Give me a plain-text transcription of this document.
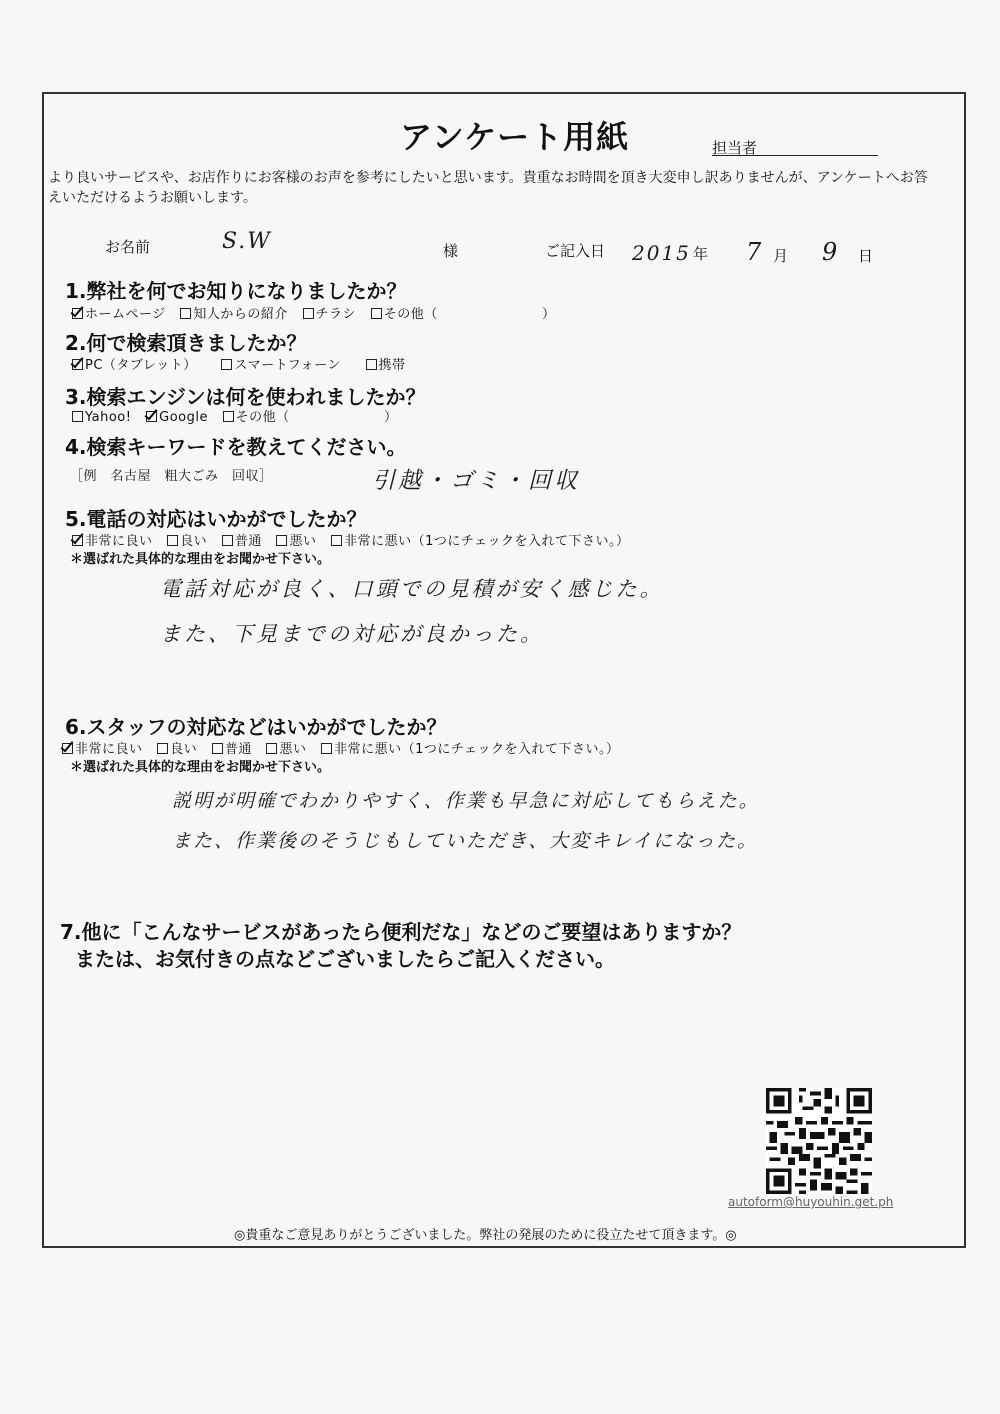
アンケート用紙	担当者
より良いサービスや、お店作りにお客様のお声を参考にしたいと思います。貴重なお時間を頂き大変申し訳ありませんが、アンケートへお答えいただけるようお願いします。
お名前	S.W	様	ご記入日 2015 年 7 月 9 日
1.弊社を何でお知りになりましたか？
ホームページ 知人からの紹介 チラシ その他（	）
2.何で検索頂きましたか？
PC（タブレット）	スマートフォーン	携帯
3.検索エンジンは何を使われましたか？
Yahoo! Google その他（	）
4.検索キーワードを教えてください。
［例　名古屋　粗大ごみ　回収］	引越・ゴミ・回収
5.電話の対応はいかがでしたか？
非常に良い 良い 普通 悪い 非常に悪い（1つにチェックを入れて下さい。）
＊選ばれた具体的な理由をお聞かせ下さい。
電話対応が良く、口頭での見積が安く感じた。
また、下見までの対応が良かった。
6.スタッフの対応などはいかがでしたか？
非常に良い 良い 普通 悪い 非常に悪い（1つにチェックを入れて下さい。）
＊選ばれた具体的な理由をお聞かせ下さい。
説明が明確でわかりやすく、作業も早急に対応してもらえた。
また、作業後のそうじもしていただき、大変キレイになった。
7.他に「こんなサービスがあったら便利だな」などのご要望はありますか？
または、お気付きの点などございましたらご記入ください。
autoform@huyouhin.get.ph
◎貴重なご意見ありがとうございました。弊社の発展のために役立たせて頂きます。◎
